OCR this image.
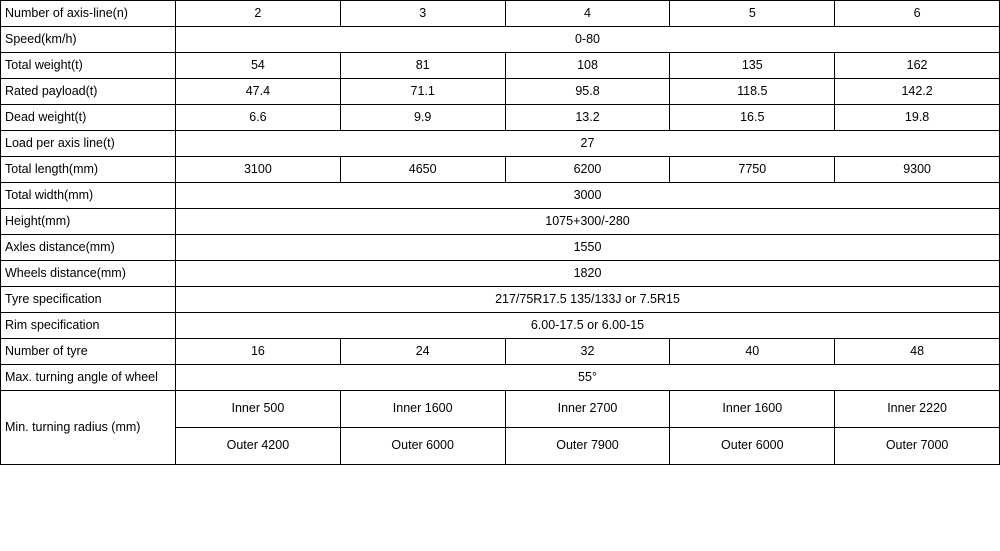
Number of axis-line(n)	2	3	4	5	6
Speed(km/h)	0-80				
Total weight(t)	54	81	108	135	162
Rated payload(t)	47.4	71.1	95.8	118.5	142.2
Dead weight(t)	6.6	9.9	13.2	16.5	19.8
Load per axis line(t)	27				
Total length(mm)	3100	4650	6200	7750	9300
Total width(mm)	3000				
Height(mm)	1075+300/-280				
Axles distance(mm)	1550				
Wheels distance(mm)	1820				
Tyre specification	217/75R17.5 135/133J or 7.5R15				
Rim specification	6.00-17.5 or 6.00-15				
Number of tyre	16	24	32	40	48
Max. turning angle of wheel	55°				
Min. turning radius (mm)	Inner 500	Inner 1600	Inner 2700	Inner 1600	Inner 2220
	Outer 4200	Outer 6000	Outer 7900	Outer 6000	Outer 7000
